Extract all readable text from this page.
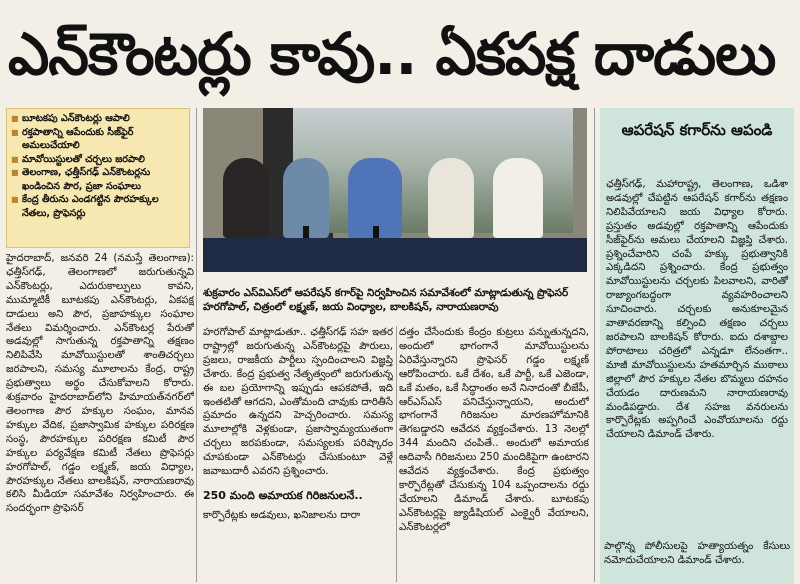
ఎన్‌కౌంటర్లు కావు.. ఏకపక్ష దాడులు
■ బూటకపు ఎన్‌కౌంటర్లు ఆపాలి
■ రక్తపాతాన్ని ఆపేందుకు సీజ్‌ఫైర్ అమలుచేయాలి
■ మావోయిస్టులతో చర్చలు జరపాలి
■ తెలంగాణ, ఛత్తీస్‌గఢ్ ఎన్‌కౌంటర్లను ఖండించిన పౌర, ప్రజా సంఘాలు
■ కేంద్ర తీరును ఎండగట్టిన పౌరహక్కుల నేతలు, ప్రొఫెసర్లు
శుక్రవారం ఎస్‌విఎస్‌లో ఆపరేషన్ కగార్‌పై నిర్వహించిన సమావేశంలో మాట్లాడుతున్న ప్రొఫెసర్ హరగోపాల్, చిత్రంలో లక్ష్మణ్, జయ వింధ్యాల, బాలకిషన్, నారాయణరావు
హైదరాబాద్, జనవరి 24 (నమస్తే తెలంగాణ): ఛత్తీస్‌గఢ్, తెలంగాణలో జరుగుతున్నవి ఎన్‌కౌంటర్లు, ఎదురుకాల్పులు కావని, ముమ్మాటికీ బూటకపు ఎన్‌కౌంటర్లు, ఏకపక్ష దాడులు అని పౌర, ప్రజాహక్కుల సంఘాల నేతలు విమర్శించారు. ఎన్‌కౌంటర్ల పేరుతో అడవుల్లో సాగుతున్న రక్తపాతాన్ని తక్షణం నిలిపివేసి మావోయిస్టులతో శాంతిచర్చలు జరపాలని, సమస్య మూలాలను కేంద్ర, రాష్ట్ర ప్రభుత్వాలు అర్థం చేసుకోవాలని కోరారు. శుక్రవారం హైదరాబాద్‌లోని హిమాయత్‌నగర్‌లో తెలంగాణ పౌర హక్కుల సంఘం, మానవ హక్కుల వేదిక, ప్రజాస్వామిక హక్కుల పరిరక్షణ సంస్థ, పౌరహక్కుల పరిరక్షణ కమిటీ పౌర హక్కుల పర్యవేక్షణ కమిటీ నేతలు ప్రొఫెసర్లు హరగోపాల్, గడ్డం లక్ష్మణ్, జయ విధ్యాల, పౌరహక్కుల నేతలు బాలకిషన్, నారాయణరావు కలిసి మీడియా సమావేశం నిర్వహించారు. ఈ సందర్భంగా ప్రొఫెసర్
హరగోపాల్ మాట్లాడుతూ.. ఛత్తీస్‌గఢ్ సహ ఇతర రాష్ట్రాల్లో జరుగుతున్న ఎన్‌కౌంటర్లపై పౌరులు, ప్రజలు, రాజకీయ పార్టీలు స్పందించాలని విజ్ఞప్తి చేశారు. కేంద్ర ప్రభుత్వ నేతృత్వంలో జరుగుతున్న ఈ బల ప్రయోగాన్ని ఇప్పుడు ఆపకపోతే, ఇది ఇంతటితో ఆగదని, ఎంతోమంది చావుకు దారితీసే ప్రమాదం ఉన్నదని హెచ్చరించారు. సమస్య మూలాల్లోకి వెళ్లకుండా, ప్రజాస్వామ్యయుతంగా చర్చలు జరపకుండా, సమస్యలకు పరిష్కారం చూపకుండా ఎన్‌కౌంటర్లు చేసుకుంటూ వెళ్లే జవాబుదారీ ఎవరని ప్రశ్నించారు.
250 మంది అమాయక గిరిజనులనే..
కార్పొరేట్లకు అడవులు, ఖనిజాలను దారా
దత్తం చేసేందుకు కేంద్రం కుట్రలు పన్నుతున్నదని, అందులో భాగంగానే మావోయిస్టులను ఏరివేస్తున్నారని ప్రొఫెసర్ గడ్డం లక్ష్మణ్ ఆరోపించారు. ఒకే దేశం, ఒకే పార్టీ, ఒకే ఎజెండా, ఒకే మతం, ఒకే సిద్ధాంతం అనే నినాదంతో బీజేపీ, ఆర్‌ఎస్‌ఎస్ పనిచేస్తున్నాయని, అందులో భాగంగానే గిరిజనుల మారణహోమానికి తెగబడ్డారని ఆవేదన వ్యక్తంచేశారు. 13 నెలల్లో 344 మందిని చంపితే.. అందులో అమాయక ఆదివాసీ గిరిజనులు 250 మందికిపైగా ఉంటారని ఆవేదన వ్యక్తంచేశారు. కేంద్ర ప్రభుత్వం కార్పొరేట్లతో చేసుకున్న 104 ఒప్పందాలను రద్దు చేయాలని డిమాండ్ చేశారు. బూటకపు ఎన్‌కౌంటర్లపై జ్యుడీషియల్ ఎంక్వైరీ వేయాలని, ఎన్‌కౌంటర్లలో
ఆపరేషన్ కగార్‌ను ఆపండి
ఛత్తీస్‌గఢ్, మహారాష్ట్ర, తెలంగాణ, ఒడిశా అడవుల్లో చేపట్టిన ఆపరేషన్ కగార్‌ను తక్షణం నిలిపివేయాలని జయ విధ్యాల కోరారు. ప్రస్తుతం అడవుల్లో రక్తపాతాన్ని ఆపేందుకు సీజ్‌ఫైర్‌ను అమలు చేయాలని విజ్ఞప్తి చేశారు. ప్రశ్నించేవారిని చంపే హక్కు ప్రభుత్వానికి ఎక్కడిదని ప్రశ్నించారు. కేంద్ర ప్రభుత్వం మావోయిస్టులను చర్చలకు పిలవాలని, వారితో రాజ్యాంగబద్ధంగా వ్యవహరించాలని సూచించారు. చర్చలకు అనుకూలమైన వాతావరణాన్ని కల్పించి తక్షణం చర్చలు జరపాలని బాలకిషన్ కోరారు. ఐదు దశాబ్దాల పోరాటాలు చరిత్రలో ఎన్నడూ లేనంతగా.. మాజీ మావోయిస్టులను హతమార్చిన ముఠాలు జిల్లాలో పౌర హక్కుల నేతల బొమ్మలు దహనం చేయడం దారుణమని నారాయణరావు మండిపడ్డారు. దేశ సహజ వనరులను కార్పొరేట్లకు అప్పగించే ఎంవోయూలను రద్దు చేయాలని డిమాండ్ చేశారు.
పాల్గొన్న పోలీసులపై హత్యాయత్నం కేసులు నమోదుచేయాలని డిమాండ్ చేశారు.
